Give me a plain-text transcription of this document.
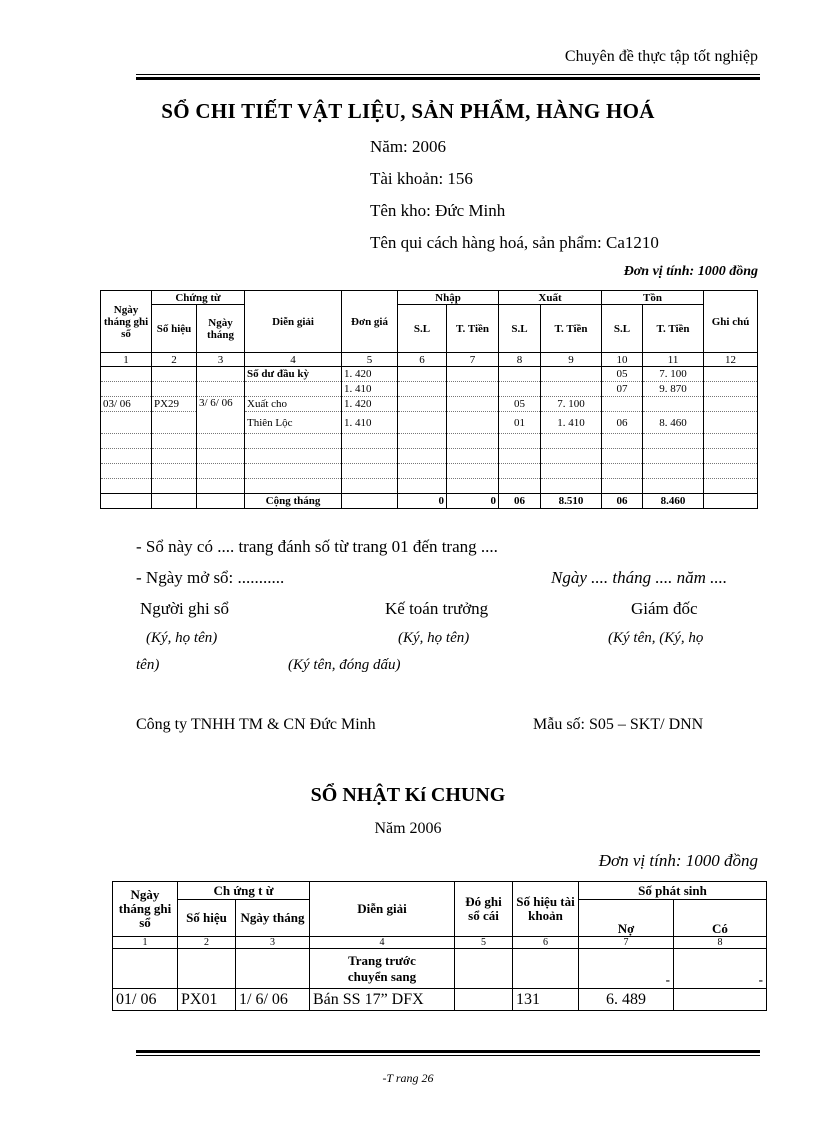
Chuyên đề thực tập tốt nghiệp
SỔ CHI TIẾT VẬT LIỆU, SẢN PHẨM, HÀNG HOÁ
Năm: 2006
Tài khoản: 156
Tên kho: Đức Minh
Tên qui cách hàng hoá, sản phẩm: Ca1210
Đơn vị tính: 1000 đồng
Ngày tháng ghi sổ	Chứng từ		Diễn giải	Đơn giá	Nhập		Xuất		Tồn		Ghi chú
	Số hiệu	Ngày tháng			S.L	T. Tiền	S.L	T. Tiền	S.L	T. Tiền	
1	2	3	4	5	6	7	8	9	10	11	12
			Số dư đầu kỳ	1. 420					05	7. 100	
				1. 410					07	9. 870	
03/ 06	PX29	3/ 6/ 06	Xuất cho	1. 420			05	7. 100			
			Thiên Lộc	1. 410			01	1. 410	06	8. 460	

			Cộng tháng		0	0	06	8.510	06	8.460	
- Sổ này có .... trang đánh số từ trang 01 đến trang ....
- Ngày mở sổ: ...........	Ngày .... tháng .... năm ....
Người ghi sổ	Kế toán trưởng	Giám đốc
(Ký, họ tên)	(Ký, họ tên)	(Ký tên, (Ký, họ
tên)	(Ký tên, đóng dấu)
Công ty TNHH TM & CN Đức Minh	Mẫu số: S05 – SKT/ DNN
SỔ NHẬT Kí CHUNG
Năm 2006
Đơn vị tính: 1000 đồng
Ngày tháng ghi sổ	Ch ứng t ừ		Diễn giải	Đó ghi sổ cái	Số hiệu tài khoản	Số phát sinh	
	Số hiệu	Ngày tháng				Nợ	Có
1	2	3	4	5	6	7	8

			Trang trước
chuyển sang			-	-
01/ 06	PX01	1/ 6/ 06	Bán SS 17” DFX		131	6. 489	
-T rang 26
